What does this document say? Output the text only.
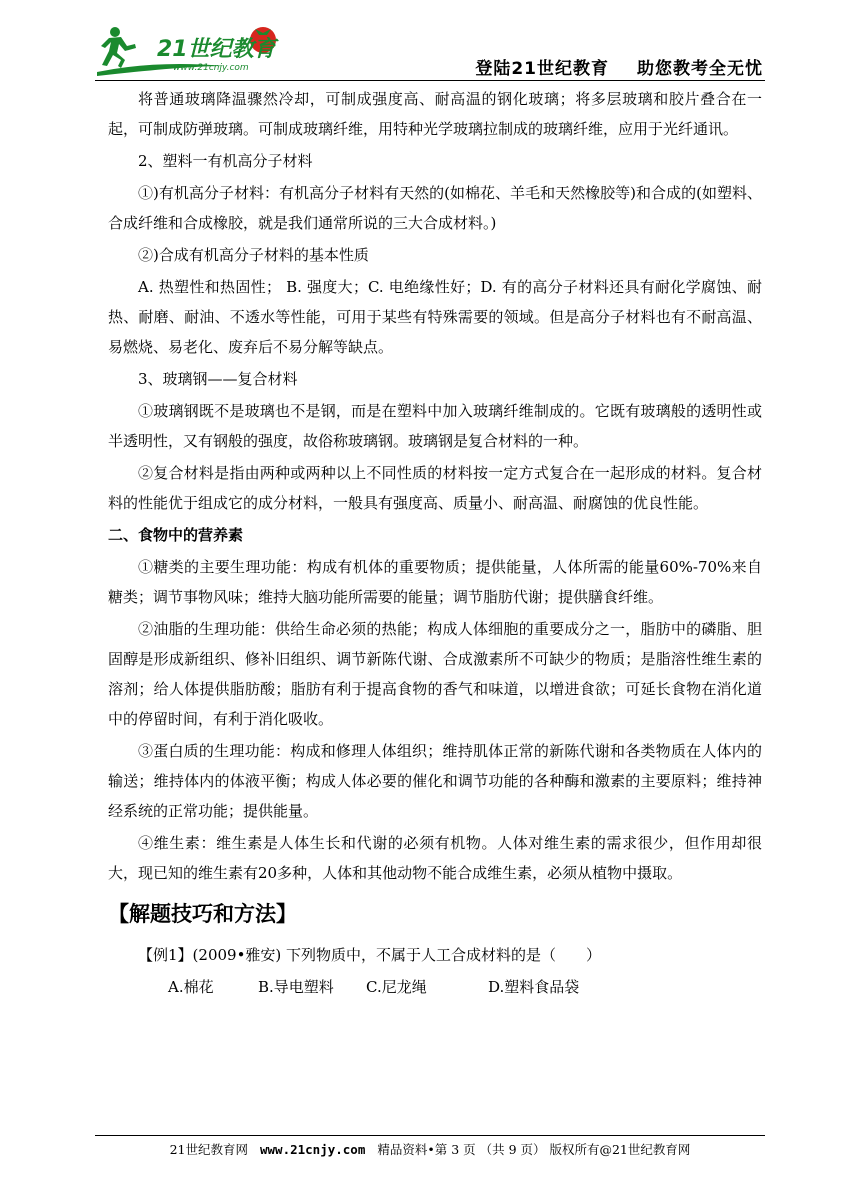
21世纪教育
www.21cnjy.com	登陆21世纪教育 助您教考全无忧

将普通玻璃降温骤然冷却，可制成强度高、耐高温的钢化玻璃；将多层玻璃和胶片叠合在一起，可制成防弹玻璃。可制成玻璃纤维，用特种光学玻璃拉制成的玻璃纤维，应用于光纤通讯。

2、塑料一有机高分子材料

①)有机高分子材料：有机高分子材料有天然的(如棉花、羊毛和天然橡胶等)和合成的(如塑料、合成纤维和合成橡胶，就是我们通常所说的三大合成材料。)

②)合成有机高分子材料的基本性质

A. 热塑性和热固性； B. 强度大；C. 电绝缘性好；D. 有的高分子材料还具有耐化学腐蚀、耐热、耐磨、耐油、不透水等性能，可用于某些有特殊需要的领域。但是高分子材料也有不耐高温、易燃烧、易老化、废弃后不易分解等缺点。

3、玻璃钢——复合材料

①玻璃钢既不是玻璃也不是钢，而是在塑料中加入玻璃纤维制成的。它既有玻璃般的透明性或半透明性，又有钢般的强度，故俗称玻璃钢。玻璃钢是复合材料的一种。

②复合材料是指由两种或两种以上不同性质的材料按一定方式复合在一起形成的材料。复合材料的性能优于组成它的成分材料，一般具有强度高、质量小、耐高温、耐腐蚀的优良性能。

二、食物中的营养素

①糖类的主要生理功能：构成有机体的重要物质；提供能量，人体所需的能量60%-70%来自糖类；调节事物风味；维持大脑功能所需要的能量；调节脂肪代谢；提供膳食纤维。

②油脂的生理功能：供给生命必须的热能；构成人体细胞的重要成分之一，脂肪中的磷脂、胆固醇是形成新组织、修补旧组织、调节新陈代谢、合成激素所不可缺少的物质；是脂溶性维生素的溶剂；给人体提供脂肪酸；脂肪有利于提高食物的香气和味道，以增进食欲；可延长食物在消化道中的停留时间，有利于消化吸收。

③蛋白质的生理功能：构成和修理人体组织；维持肌体正常的新陈代谢和各类物质在人体内的输送；维持体内的体液平衡；构成人体必要的催化和调节功能的各种酶和激素的主要原料；维持神经系统的正常功能；提供能量。

④维生素：维生素是人体生长和代谢的必须有机物。人体对维生素的需求很少，但作用却很大，现已知的维生素有20多种，人体和其他动物不能合成维生素，必须从植物中摄取。

【解题技巧和方法】

【例1】(2009•雅安) 下列物质中，不属于人工合成材料的是（　　）

A.棉花	B.导电塑料 C.尼龙绳	D.塑料食品袋
21世纪教育网 www.21cnjy.com 精品资料•第 3 页 （共 9 页） 版权所有@21世纪教育网
